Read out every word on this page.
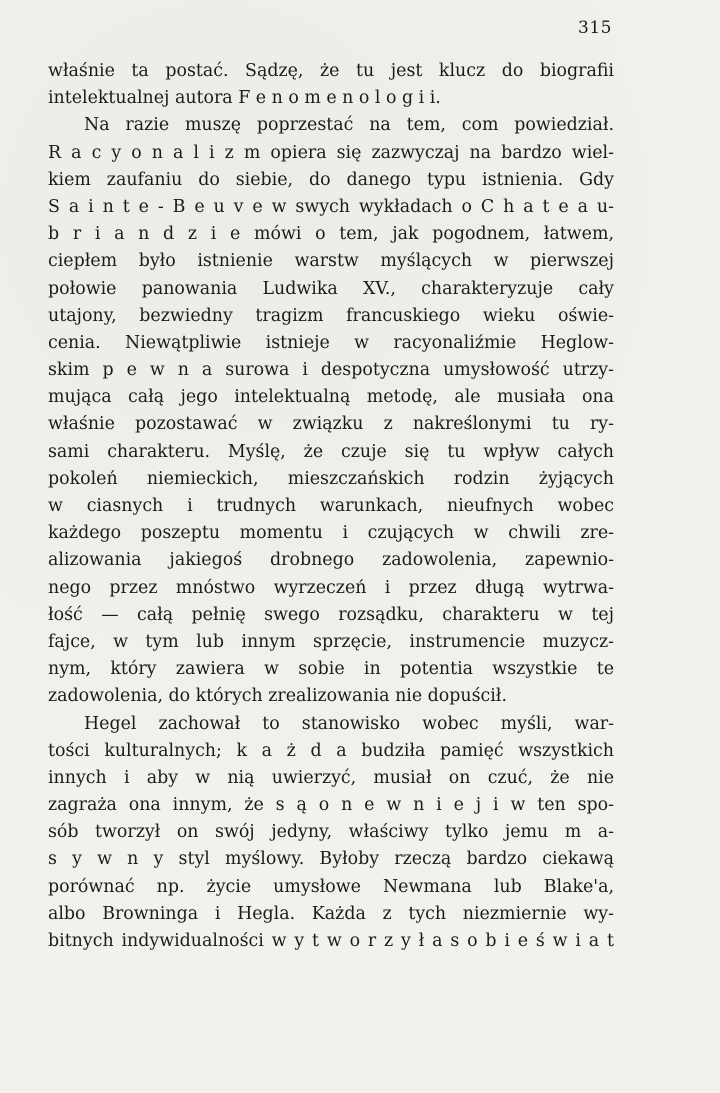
315
właśnie ta postać. Sądzę, że tu jest klucz do biografii
intelektualnej autora F e n o m e n o l o g i i.
Na razie muszę poprzestać na tem, com powiedział.
R a c y o n a l i z m opiera się zazwyczaj na bardzo wiel-
kiem zaufaniu do siebie, do danego typu istnienia. Gdy
S a i n t e - B e u v e w swych wykładach o C h a t e a u-
b r i a n d z i e mówi o tem, jak pogodnem, łatwem,
ciepłem było istnienie warstw myślących w pierwszej
połowie panowania Ludwika XV., charakteryzuje cały
utajony, bezwiedny tragizm francuskiego wieku oświe-
cenia. Niewątpliwie istnieje w racyonaliźmie Heglow-
skim p e w n a surowa i despotyczna umysłowość utrzy-
mująca całą jego intelektualną metodę, ale musiała ona
właśnie pozostawać w związku z nakreślonymi tu ry-
sami charakteru. Myślę, że czuje się tu wpływ całych
pokoleń niemieckich, mieszczańskich rodzin żyjących
w ciasnych i trudnych warunkach, nieufnych wobec
każdego poszeptu momentu i czujących w chwili zre-
alizowania jakiegoś drobnego zadowolenia, zapewnio-
nego przez mnóstwo wyrzeczeń i przez długą wytrwa-
łość — całą pełnię swego rozsądku, charakteru w tej
fajce, w tym lub innym sprzęcie, instrumencie muzycz-
nym, który zawiera w sobie in potentia wszystkie te
zadowolenia, do których zrealizowania nie dopuścił.
Hegel zachował to stanowisko wobec myśli, war-
tości kulturalnych; k a ż d a budziła pamięć wszystkich
innych i aby w nią uwierzyć, musiał on czuć, że nie
zagraża ona innym, że s ą o n e w n i e j i w ten spo-
sób tworzył on swój jedyny, właściwy tylko jemu m a-
s y w n y styl myślowy. Byłoby rzeczą bardzo ciekawą
porównać np. życie umysłowe Newmana lub Blake'a,
albo Browninga i Hegla. Każda z tych niezmiernie wy-
bitnych indywidualności w y t w o r z y ł a s o b i e ś w i a t
